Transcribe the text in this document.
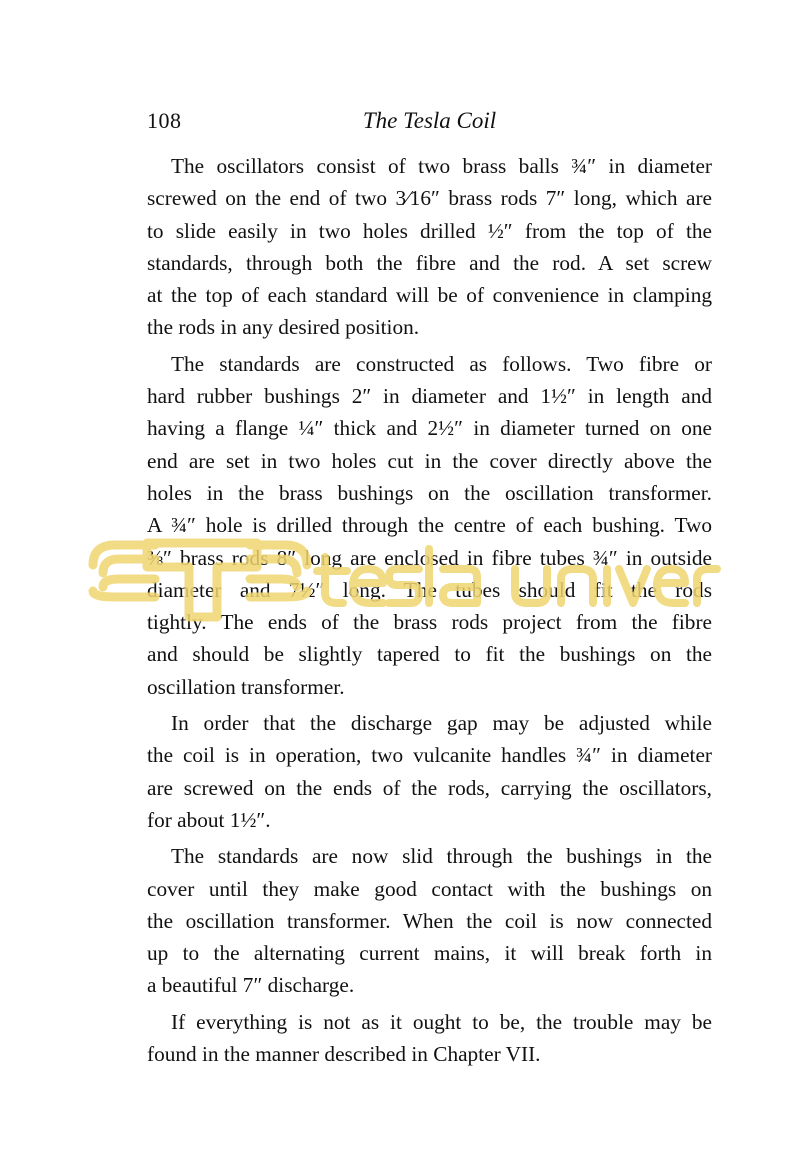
108	The Tesla Coil

The oscillators consist of two brass balls ¾″ in diameter
screwed on the end of two 3⁄16″ brass rods 7″ long, which are
to slide easily in two holes drilled ½″ from the top of the
standards, through both the fibre and the rod. A set screw
at the top of each standard will be of convenience in clamping
the rods in any desired position.

The standards are constructed as follows. Two fibre or
hard rubber bushings 2″ in diameter and 1½″ in length and
having a flange ¼″ thick and 2½″ in diameter turned on one
end are set in two holes cut in the cover directly above the
holes in the brass bushings on the oscillation transformer.
A ¾″ hole is drilled through the centre of each bushing. Two
⅜″ brass rods 8″ long are enclosed in fibre tubes ¾″ in outside
diameter and 7½″ long. The tubes should fit the rods
tightly. The ends of the brass rods project from the fibre
and should be slightly tapered to fit the bushings on the
oscillation transformer.

In order that the discharge gap may be adjusted while
the coil is in operation, two vulcanite handles ¾″ in diameter
are screwed on the ends of the rods, carrying the oscillators,
for about 1½″.

The standards are now slid through the bushings in the
cover until they make good contact with the bushings on
the oscillation transformer. When the coil is now connected
up to the alternating current mains, it will break forth in
a beautiful 7″ discharge.

If everything is not as it ought to be, the trouble may be
found in the manner described in Chapter VII.
